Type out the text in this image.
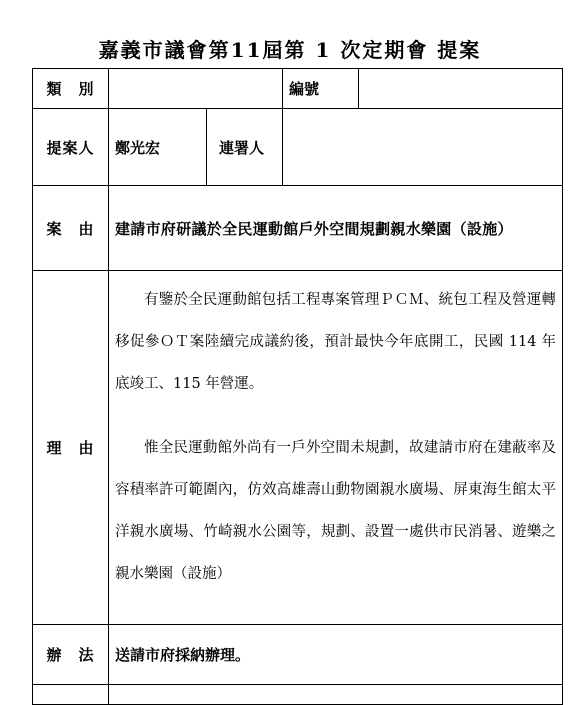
嘉義市議會第11屆第 1 次定期會 提案
類　別			編號	
提案人	鄭光宏	連署人		
案　由	建請市府研議於全民運動館戶外空間規劃親水樂園（設施）			
理　由	有鑒於全民運動館包括工程專案管理ＰＣＭ、統包工程及營運轉移促參ＯＴ案陸續完成議約後，預計最快今年底開工，民國 114 年底竣工、115 年營運。

惟全民運動館外尚有一戶外空間未規劃，故建請市府在建蔽率及容積率許可範圍內，仿效高雄壽山動物園親水廣場、屏東海生館太平洋親水廣場、竹崎親水公園等，規劃、設置一處供市民消暑、遊樂之親水樂園（設施）			

辦　法	送請市府採納辦理。			
